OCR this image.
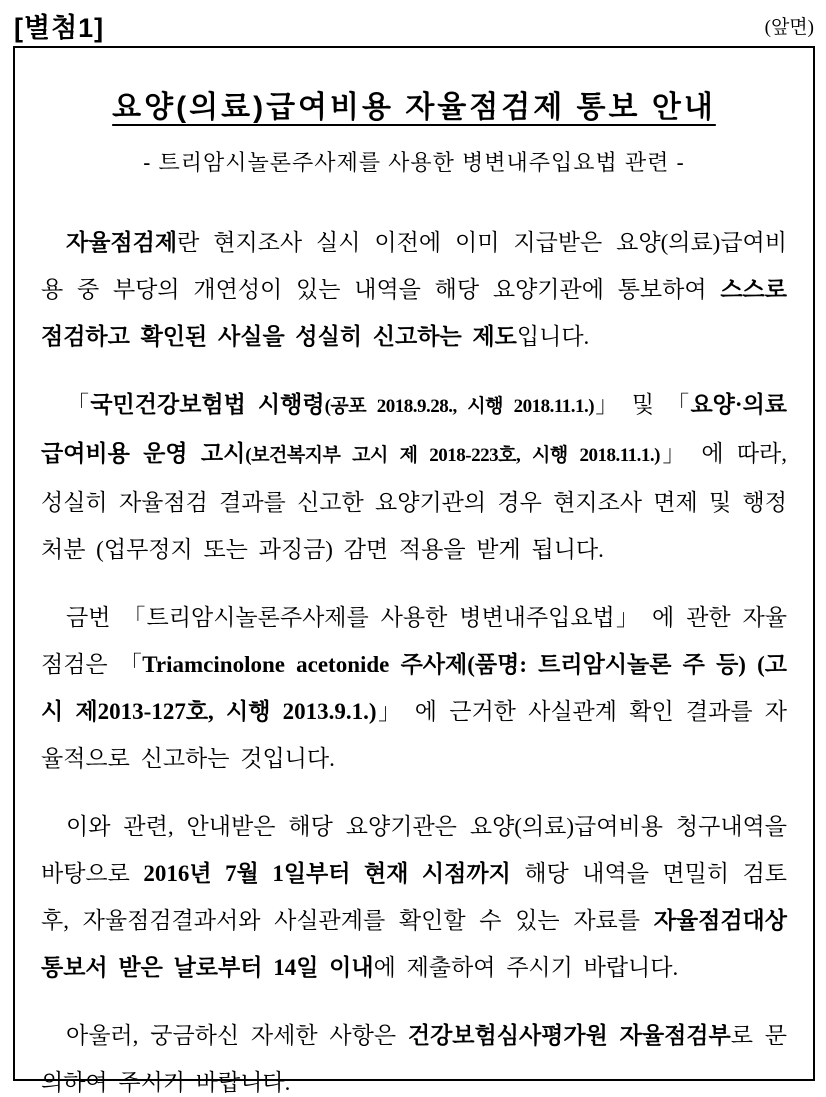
[별첨1]	(앞면)
요양(의료)급여비용 자율점검제 통보 안내
- 트리암시놀론주사제를 사용한 병변내주입요법 관련 -

자율점검제란 현지조사 실시 이전에 이미 지급받은 요양(의료)급여비용 중 부당의 개연성이 있는 내역을 해당 요양기관에 통보하여 스스로 점검하고 확인된 사실을 성실히 신고하는 제도입니다.

「국민건강보험법 시행령(공포 2018.9.28., 시행 2018.11.1.)」 및 「요양·의료 급여비용 운영 고시(보건복지부 고시 제 2018-223호, 시행 2018.11.1.)」 에 따라, 성실히 자율점검 결과를 신고한 요양기관의 경우 현지조사 면제 및 행정처분 (업무정지 또는 과징금) 감면 적용을 받게 됩니다.

금번 「트리암시놀론주사제를 사용한 병변내주입요법」 에 관한 자율점검은 「Triamcinolone acetonide 주사제(품명: 트리암시놀론 주 등) (고시 제2013-127호, 시행 2013.9.1.)」 에 근거한 사실관계 확인 결과를 자율적으로 신고하는 것입니다.

이와 관련, 안내받은 해당 요양기관은 요양(의료)급여비용 청구내역을 바탕으로 2016년 7월 1일부터 현재 시점까지 해당 내역을 면밀히 검토 후, 자율점검결과서와 사실관계를 확인할 수 있는 자료를 자율점검대상 통보서 받은 날로부터 14일 이내에 제출하여 주시기 바랍니다.

아울러, 궁금하신 자세한 사항은 건강보험심사평가원 자율점검부로 문의하여 주시기 바랍니다.
